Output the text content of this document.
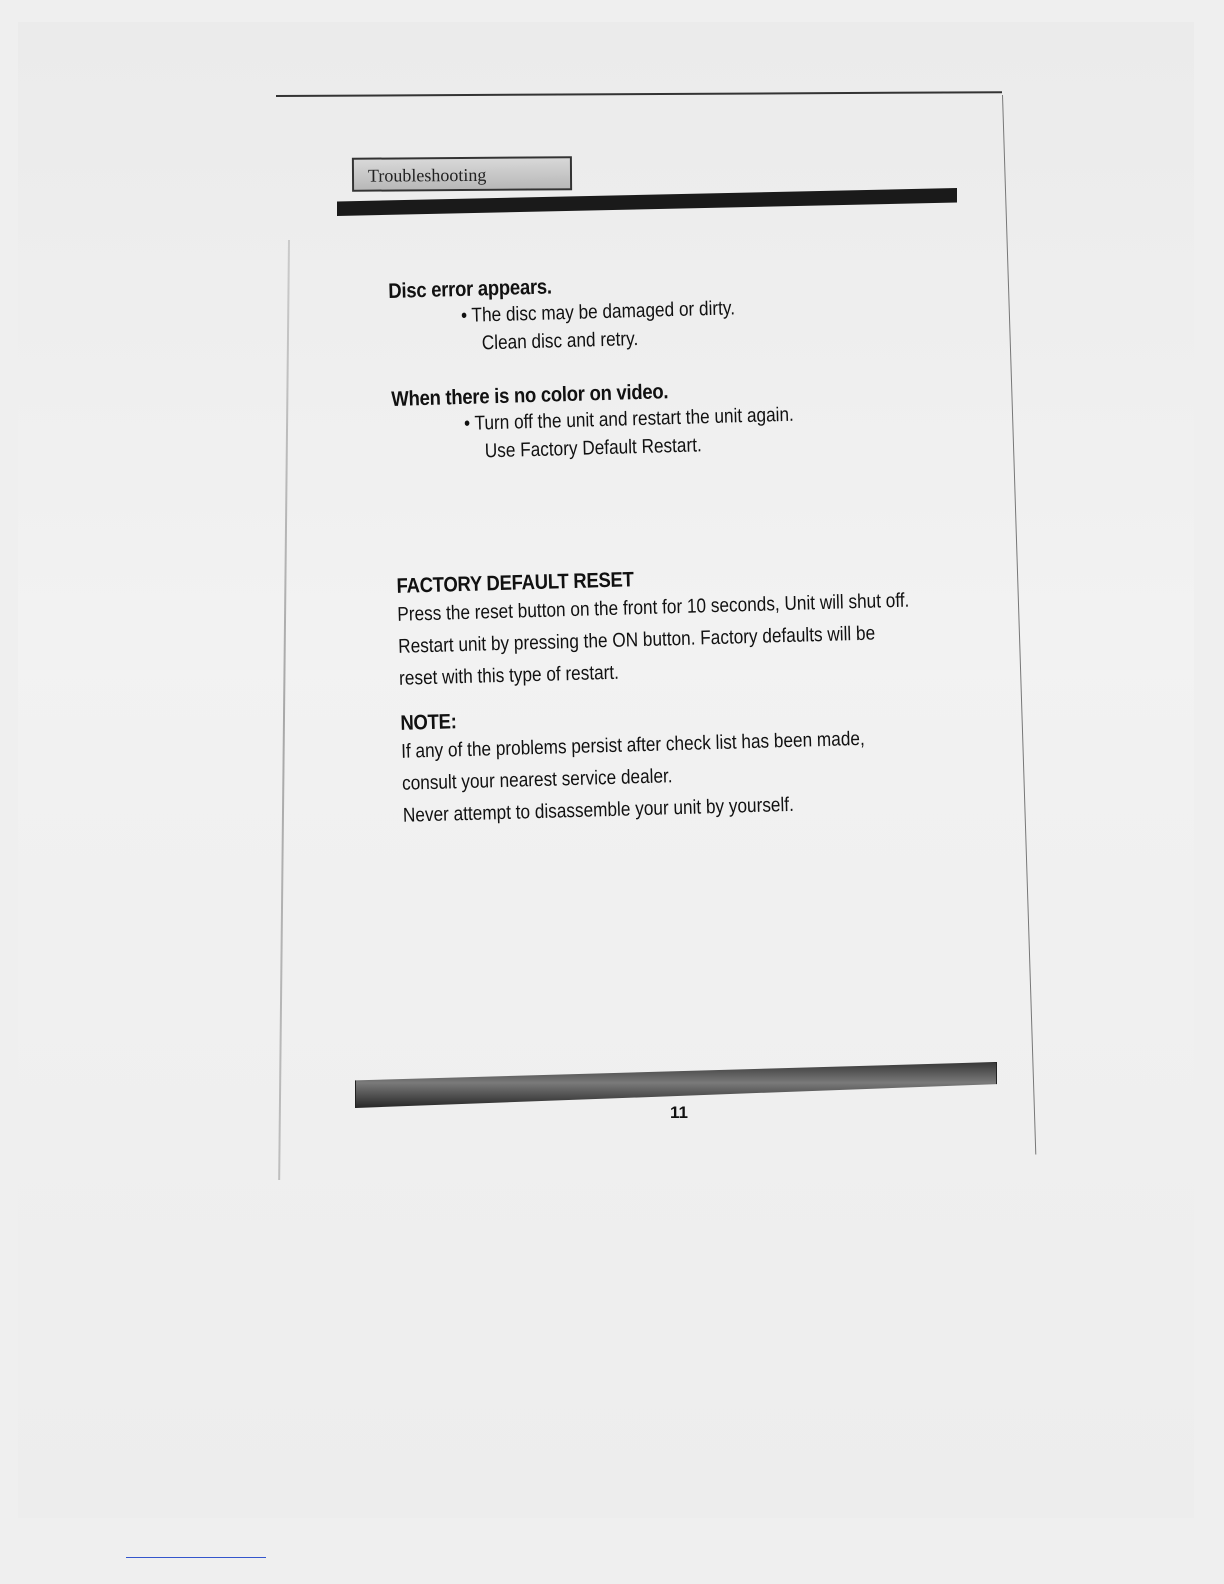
Troubleshooting
Disc error appears.
• The disc may be damaged or dirty.
Clean disc and retry.
When there is no color on video.
• Turn off the unit and restart the unit again.
Use Factory Default Restart.
FACTORY DEFAULT RESET
Press the reset button on the front for 10 seconds, Unit will shut off.
Restart unit by pressing the ON button. Factory defaults will be
reset with this type of restart.
NOTE:
If any of the problems persist after check list has been made,
consult your nearest service dealer.
Never attempt to disassemble your unit by yourself.
11
